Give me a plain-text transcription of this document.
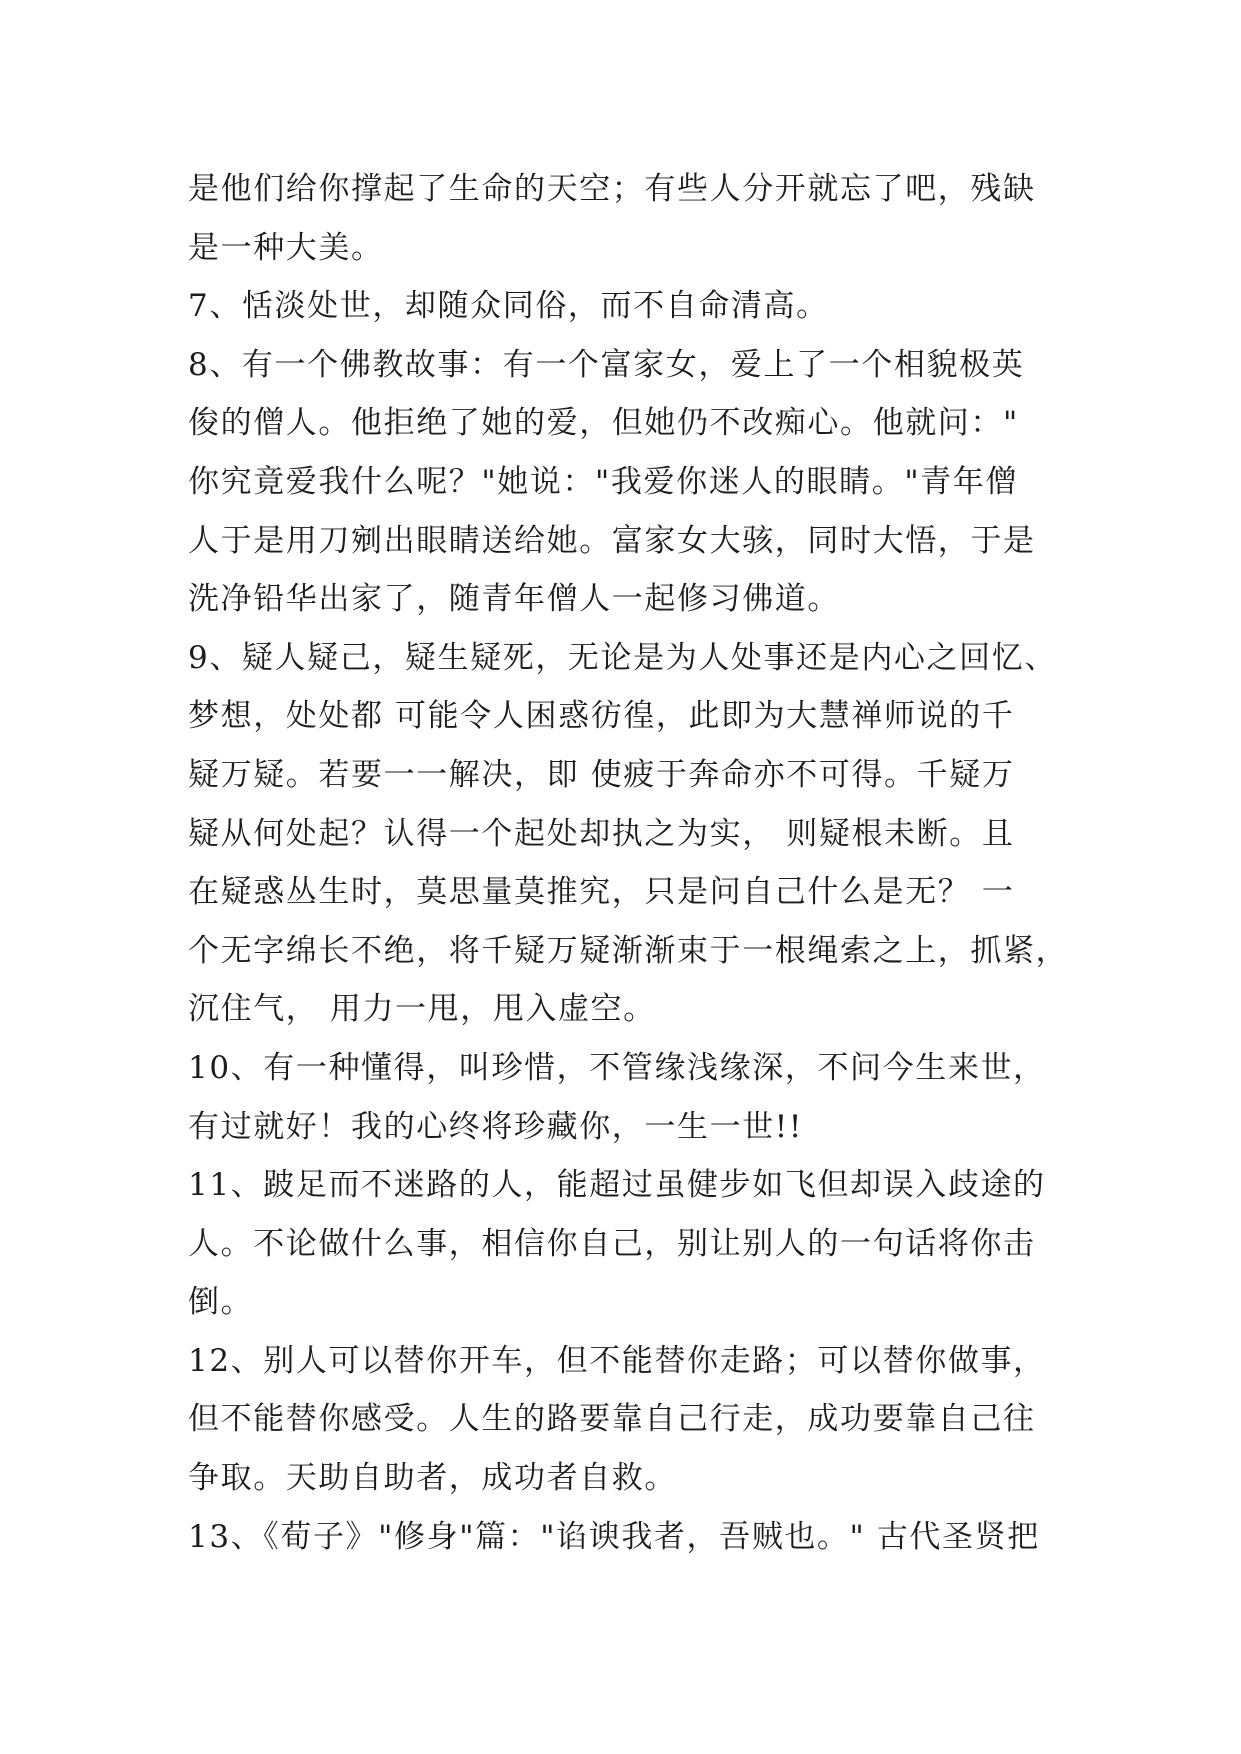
是他们给你撑起了生命的天空；有些人分开就忘了吧，残缺
是一种大美。
7、恬淡处世，却随众同俗，而不自命清高。
8、有一个佛教故事：有一个富家女，爱上了一个相貌极英
俊的僧人。他拒绝了她的爱，但她仍不改痴心。他就问："
你究竟爱我什么呢？"她说："我爱你迷人的眼睛。"青年僧
人于是用刀剜出眼睛送给她。富家女大骇，同时大悟，于是
洗净铅华出家了，随青年僧人一起修习佛道。
9、疑人疑己，疑生疑死，无论是为人处事还是内心之回忆、
梦想，处处都 可能令人困惑彷徨，此即为大慧禅师说的千
疑万疑。若要一一解决，即 使疲于奔命亦不可得。千疑万
疑从何处起？认得一个起处却执之为实， 则疑根未断。且
在疑惑丛生时，莫思量莫推究，只是问自己什么是无？ 一
个无字绵长不绝，将千疑万疑渐渐束于一根绳索之上，抓紧，
沉住气， 用力一甩，甩入虚空。
10、有一种懂得，叫珍惜，不管缘浅缘深，不问今生来世，
有过就好！我的心终将珍藏你，一生一世!!
11、跛足而不迷路的人，能超过虽健步如飞但却误入歧途的
人。不论做什么事，相信你自己，别让别人的一句话将你击
倒。
12、别人可以替你开车，但不能替你走路；可以替你做事，
但不能替你感受。人生的路要靠自己行走，成功要靠自己往
争取。天助自助者，成功者自救。
13、《荀子》"修身"篇："谄谀我者，吾贼也。" 古代圣贤把
